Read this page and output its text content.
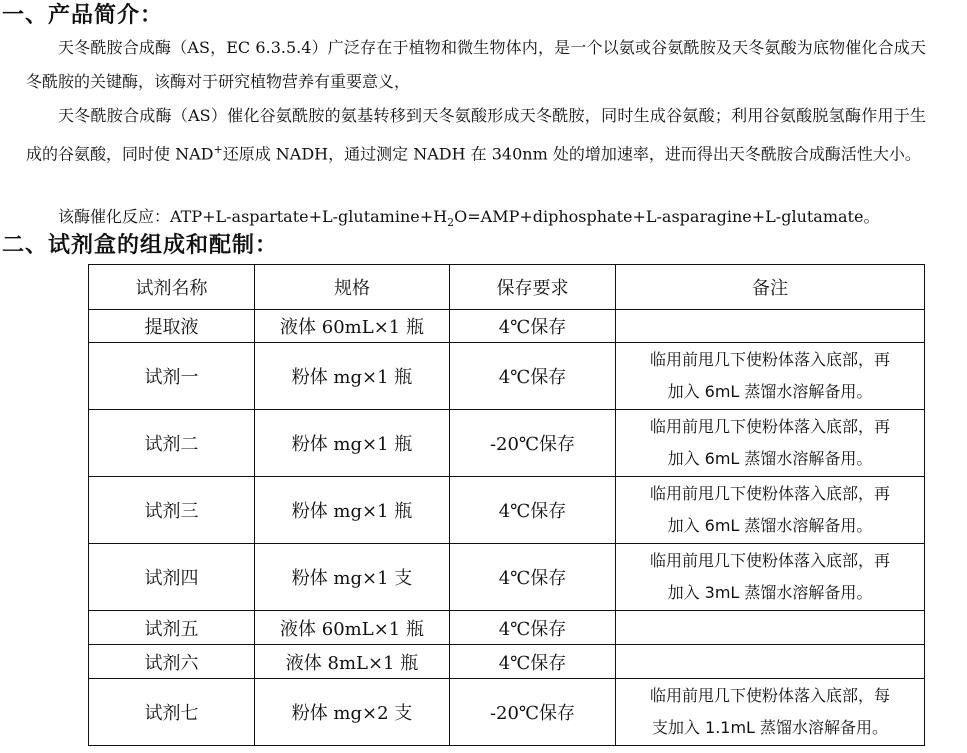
一、产品简介：
天冬酰胺合成酶（AS，EC 6.3.5.4）广泛存在于植物和微生物体内，是一个以氨或谷氨酰胺及天冬氨酸为底物催化合成天冬酰胺的关键酶，该酶对于研究植物营养有重要意义，
天冬酰胺合成酶（AS）催化谷氨酰胺的氨基转移到天冬氨酸形成天冬酰胺，同时生成谷氨酸；利用谷氨酸脱氢酶作用于生成的谷氨酸，同时使 NAD+还原成 NADH，通过测定 NADH 在 340nm 处的增加速率，进而得出天冬酰胺合成酶活性大小。
该酶催化反应：$ATP+L-aspartate+L-glutamine+H_2O=AMP+diphosphate+L-asparagine+L$-glutamate。
二、试剂盒的组成和配制：
试剂名称	规格	保存要求	备注
提取液	液体 60mL×1 瓶	4℃保存	
试剂一	粉体 mg×1 瓶	4℃保存	临用前甩几下使粉体落入底部，再
加入 6mL 蒸馏水溶解备用。
试剂二	粉体 mg×1 瓶	-20℃保存	临用前甩几下使粉体落入底部，再
加入 6mL 蒸馏水溶解备用。
试剂三	粉体 mg×1 瓶	4℃保存	临用前甩几下使粉体落入底部，再
加入 6mL 蒸馏水溶解备用。
试剂四	粉体 mg×1 支	4℃保存	临用前甩几下使粉体落入底部，再
加入 3mL 蒸馏水溶解备用。
试剂五	液体 60mL×1 瓶	4℃保存	
试剂六	液体 8mL×1 瓶	4℃保存	
试剂七	粉体 mg×2 支	-20℃保存	临用前甩几下使粉体落入底部，每
支加入 1.1mL 蒸馏水溶解备用。
